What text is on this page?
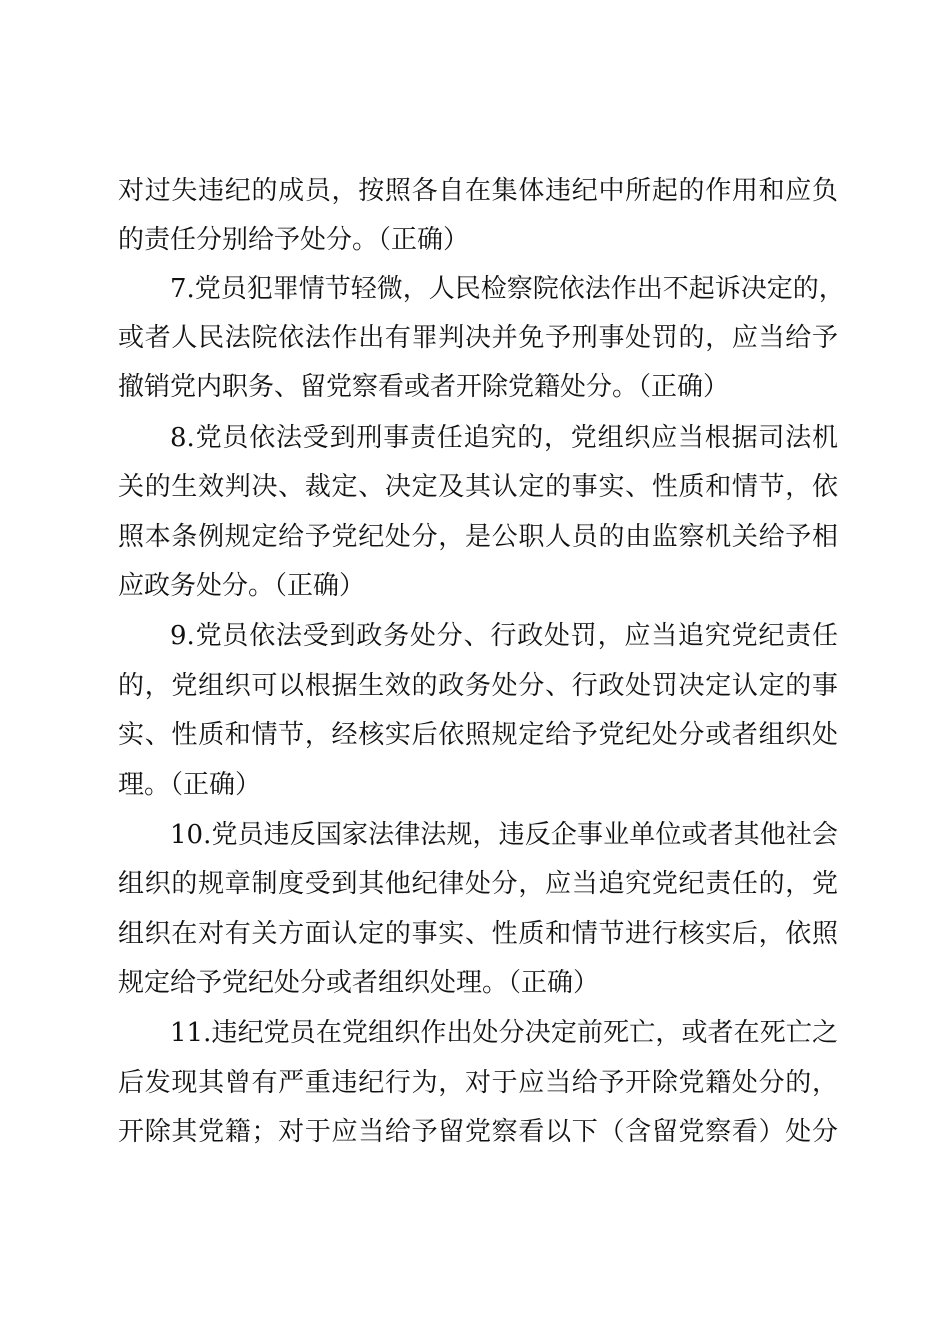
对过失违纪的成员，按照各自在集体违纪中所起的作用和应负
的责任分别给予处分。（正确）
7.党员犯罪情节轻微，人民检察院依法作出不起诉决定的，
或者人民法院依法作出有罪判决并免予刑事处罚的，应当给予
撤销党内职务、留党察看或者开除党籍处分。（正确）
8.党员依法受到刑事责任追究的，党组织应当根据司法机
关的生效判决、裁定、决定及其认定的事实、性质和情节，依
照本条例规定给予党纪处分，是公职人员的由监察机关给予相
应政务处分。（正确）
9.党员依法受到政务处分、行政处罚，应当追究党纪责任
的，党组织可以根据生效的政务处分、行政处罚决定认定的事
实、性质和情节，经核实后依照规定给予党纪处分或者组织处
理。（正确）
10.党员违反国家法律法规，违反企事业单位或者其他社会
组织的规章制度受到其他纪律处分，应当追究党纪责任的，党
组织在对有关方面认定的事实、性质和情节进行核实后，依照
规定给予党纪处分或者组织处理。（正确）
11.违纪党员在党组织作出处分决定前死亡，或者在死亡之
后发现其曾有严重违纪行为，对于应当给予开除党籍处分的，
开除其党籍；对于应当给予留党察看以下（含留党察看）处分
